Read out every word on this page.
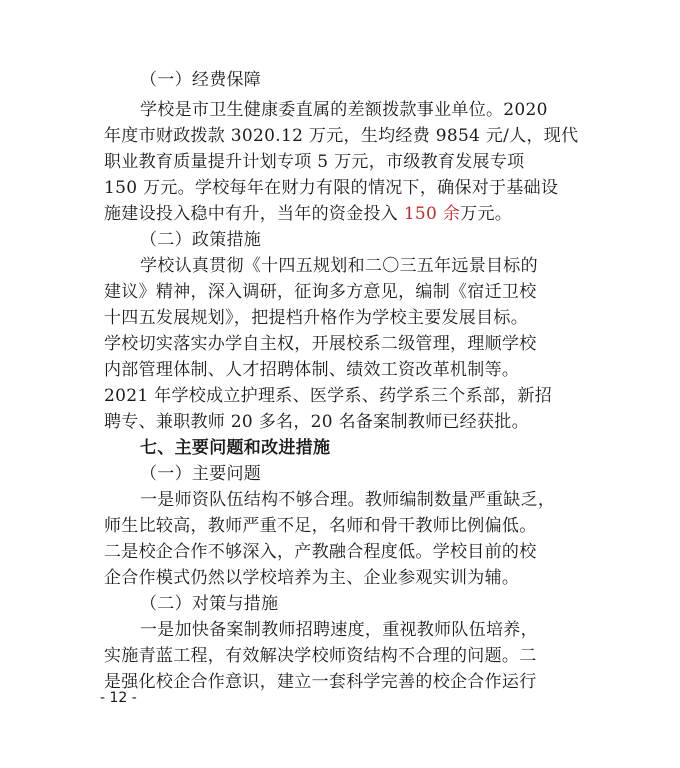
（一）经费保障
学校是市卫生健康委直属的差额拨款事业单位。2020
年度市财政拨款 3020.12 万元，生均经费 9854 元/人，现代
职业教育质量提升计划专项 5 万元，市级教育发展专项
150 万元。学校每年在财力有限的情况下，确保对于基础设
施建设投入稳中有升，当年的资金投入 150 余万元。
（二）政策措施
学校认真贯彻《十四五规划和二〇三五年远景目标的
建议》精神，深入调研，征询多方意见，编制《宿迁卫校
十四五发展规划》，把提档升格作为学校主要发展目标。
学校切实落实办学自主权，开展校系二级管理，理顺学校
内部管理体制、人才招聘体制、绩效工资改革机制等。
2021 年学校成立护理系、医学系、药学系三个系部，新招
聘专、兼职教师 20 多名，20 名备案制教师已经获批。
七、主要问题和改进措施
（一）主要问题
一是师资队伍结构不够合理。教师编制数量严重缺乏，
师生比较高，教师严重不足，名师和骨干教师比例偏低。
二是校企合作不够深入，产教融合程度低。学校目前的校
企合作模式仍然以学校培养为主、企业参观实训为辅。
（二）对策与措施
一是加快备案制教师招聘速度，重视教师队伍培养，
实施青蓝工程，有效解决学校师资结构不合理的问题。二
是强化校企合作意识，建立一套科学完善的校企合作运行
- 12 -
